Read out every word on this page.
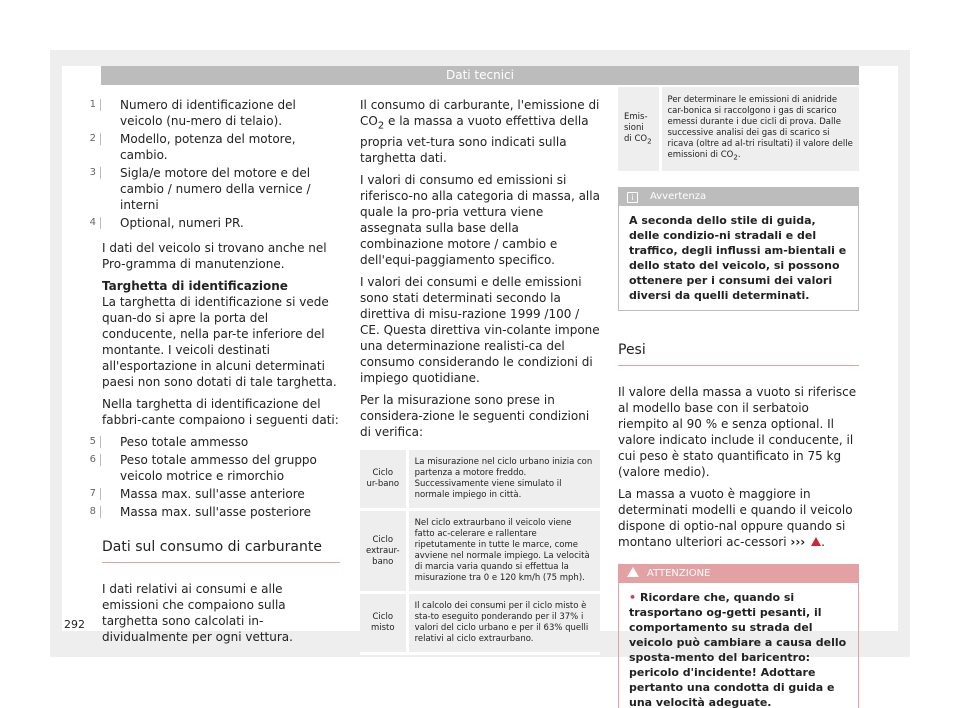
Dati tecnici
1 Numero di identificazione del veicolo (nu-mero di telaio).
2 Modello, potenza del motore, cambio.
3 Sigla/e motore del motore e del cambio / numero della vernice / interni
4 Optional, numeri PR.

I dati del veicolo si trovano anche nel Pro-gramma di manutenzione.

Targhetta di identificazione

La targhetta di identificazione si vede quan-do si apre la porta del conducente, nella par-te inferiore del montante. I veicoli destinati all'esportazione in alcuni determinati paesi non sono dotati di tale targhetta.

Nella targhetta di identificazione del fabbri-cante compaiono i seguenti dati:

5 Peso totale ammesso
6 Peso totale ammesso del gruppo veicolo motrice e rimorchio
7 Massa max. sull'asse anteriore
8 Massa max. sull'asse posteriore
Dati sul consumo di carburante

I dati relativi ai consumi e alle emissioni che compaiono sulla targhetta sono calcolati in-dividualmente per ogni vettura.

Il consumo di carburante, l'emissione di $CO_2$ e la massa a vuoto effettiva della propria vet-tura sono indicati sulla targhetta dati.

I valori di consumo ed emissioni si riferisco-no alla categoria di massa, alla quale la pro-pria vettura viene assegnata sulla base della combinazione motore / cambio e dell'equi-paggiamento specifico.

I valori dei consumi e delle emissioni sono stati determinati secondo la direttiva di misu-razione 1999 /100 / CE. Questa direttiva vin-colante impone una determinazione realisti-ca del consumo considerando le condizioni di impiego quotidiane.

Per la misurazione sono prese in considera-zione le seguenti condizioni di verifica:

Ciclo ur-bano	La misurazione nel ciclo urbano inizia con partenza a motore freddo. Successivamente viene simulato il normale impiego in città.
Ciclo extraur-bano	Nel ciclo extraurbano il veicolo viene fatto ac-celerare e rallentare ripetutamente in tutte le marce, come avviene nel normale impiego. La velocità di marcia varia quando si effettua la misurazione tra 0 e 120 km/h (75 mph).
Ciclo misto	Il calcolo dei consumi per il ciclo misto è sta-to eseguito ponderando per il 37% i valori del ciclo urbano e per il 63% quelli relativi al ciclo extraurbano.
Emis-sioni di $CO_2$	Per determinare le emissioni di anidride car-bonica si raccolgono i gas di scarico emessi durante i due cicli di prova. Dalle successive analisi dei gas di scarico si ricava (oltre ad al-tri risultati) il valore delle emissioni di $CO_2$.
i Avvertenza
A seconda dello stile di guida, delle condizio-ni stradali e del traffico, degli influssi am-bientali e dello stato del veicolo, si possono ottenere per i consumi dei valori diversi da quelli determinati.
Pesi

Il valore della massa a vuoto si riferisce al modello base con il serbatoio riempito al 90 % e senza optional. Il valore indicato include il conducente, il cui peso è stato quantificato in 75 kg (valore medio).

La massa a vuoto è maggiore in determinati modelli e quando il veicolo dispone di optio-nal oppure quando si montano ulteriori ac-cessori ››› .

ATTENZIONE
• Ricordare che, quando si trasportano og-getti pesanti, il comportamento su strada del veicolo può cambiare a causa dello sposta-mento del baricentro: pericolo d'incidente! Adottare pertanto una condotta di guida e una velocità adeguate.
292
